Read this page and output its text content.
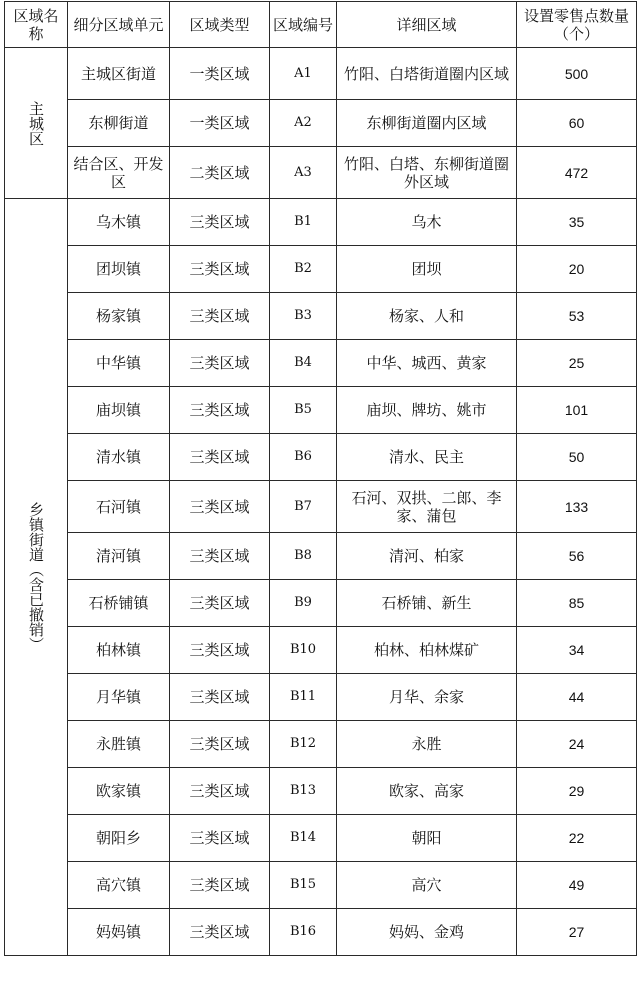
区域名称	细分区域单元	区域类型	区域编号	详细区域	设置零售点数量（个）
主城区	主城区街道	一类区域	A1	竹阳、白塔街道圈内区域	500
	东柳街道	一类区域	A2	东柳街道圈内区域	60
	结合区、开发区	二类区域	A3	竹阳、白塔、东柳街道圈外区域	472
乡镇街道（含已撤销）	乌木镇	三类区域	B1	乌木	35
	团坝镇	三类区域	B2	团坝	20
	杨家镇	三类区域	B3	杨家、人和	53
	中华镇	三类区域	B4	中华、城西、黄家	25
	庙坝镇	三类区域	B5	庙坝、牌坊、姚市	101
	清水镇	三类区域	B6	清水、民主	50
	石河镇	三类区域	B7	石河、双拱、二郎、李家、蒲包	133
	清河镇	三类区域	B8	清河、柏家	56
	石桥铺镇	三类区域	B9	石桥铺、新生	85
	柏林镇	三类区域	B10	柏林、柏林煤矿	34
	月华镇	三类区域	B11	月华、余家	44
	永胜镇	三类区域	B12	永胜	24
	欧家镇	三类区域	B13	欧家、高家	29
	朝阳乡	三类区域	B14	朝阳	22
	高穴镇	三类区域	B15	高穴	49
	妈妈镇	三类区域	B16	妈妈、金鸡	27
